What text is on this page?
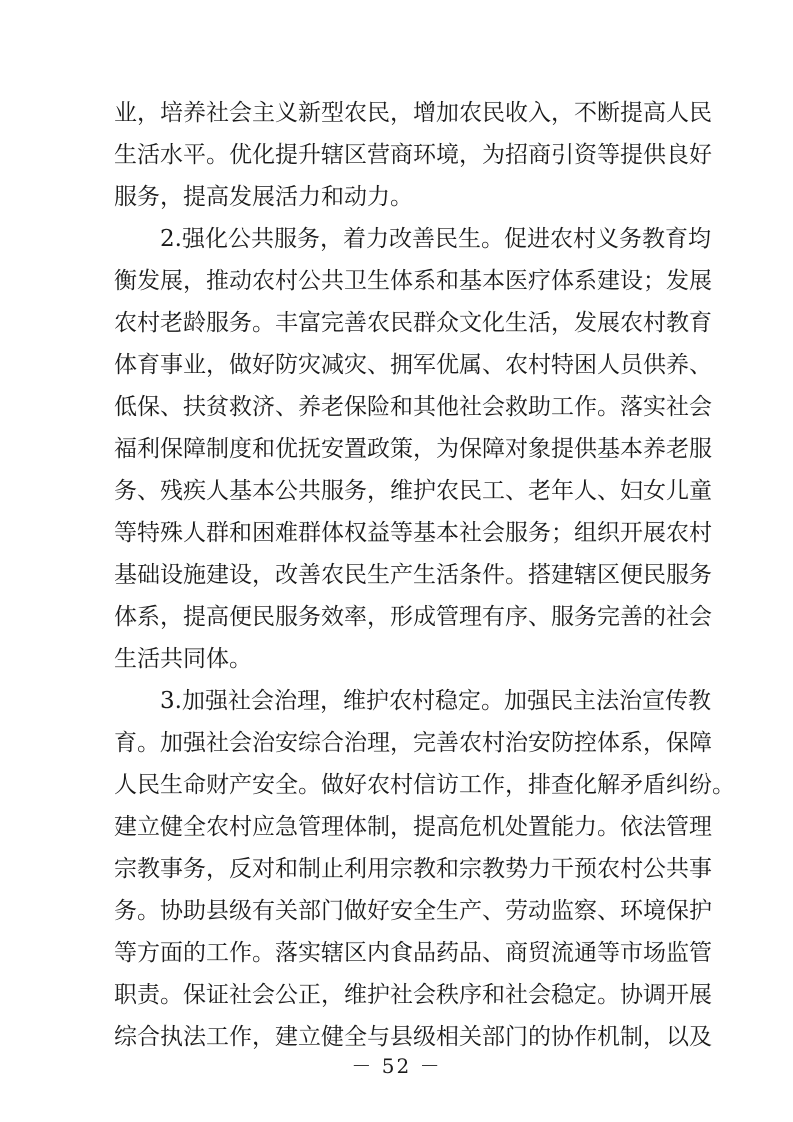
业，培养社会主义新型农民，增加农民收入，不断提高人民
生活水平。优化提升辖区营商环境，为招商引资等提供良好
服务，提高发展活力和动力。
2.强化公共服务，着力改善民生。促进农村义务教育均
衡发展，推动农村公共卫生体系和基本医疗体系建设；发展
农村老龄服务。丰富完善农民群众文化生活，发展农村教育
体育事业，做好防灾减灾、拥军优属、农村特困人员供养、
低保、扶贫救济、养老保险和其他社会救助工作。落实社会
福利保障制度和优抚安置政策，为保障对象提供基本养老服
务、残疾人基本公共服务，维护农民工、老年人、妇女儿童
等特殊人群和困难群体权益等基本社会服务；组织开展农村
基础设施建设，改善农民生产生活条件。搭建辖区便民服务
体系，提高便民服务效率，形成管理有序、服务完善的社会
生活共同体。
3.加强社会治理，维护农村稳定。加强民主法治宣传教
育。加强社会治安综合治理，完善农村治安防控体系，保障
人民生命财产安全。做好农村信访工作，排查化解矛盾纠纷。
建立健全农村应急管理体制，提高危机处置能力。依法管理
宗教事务，反对和制止利用宗教和宗教势力干预农村公共事
务。协助县级有关部门做好安全生产、劳动监察、环境保护
等方面的工作。落实辖区内食品药品、商贸流通等市场监管
职责。保证社会公正，维护社会秩序和社会稳定。协调开展
综合执法工作，建立健全与县级相关部门的协作机制，以及
－ 52 －
